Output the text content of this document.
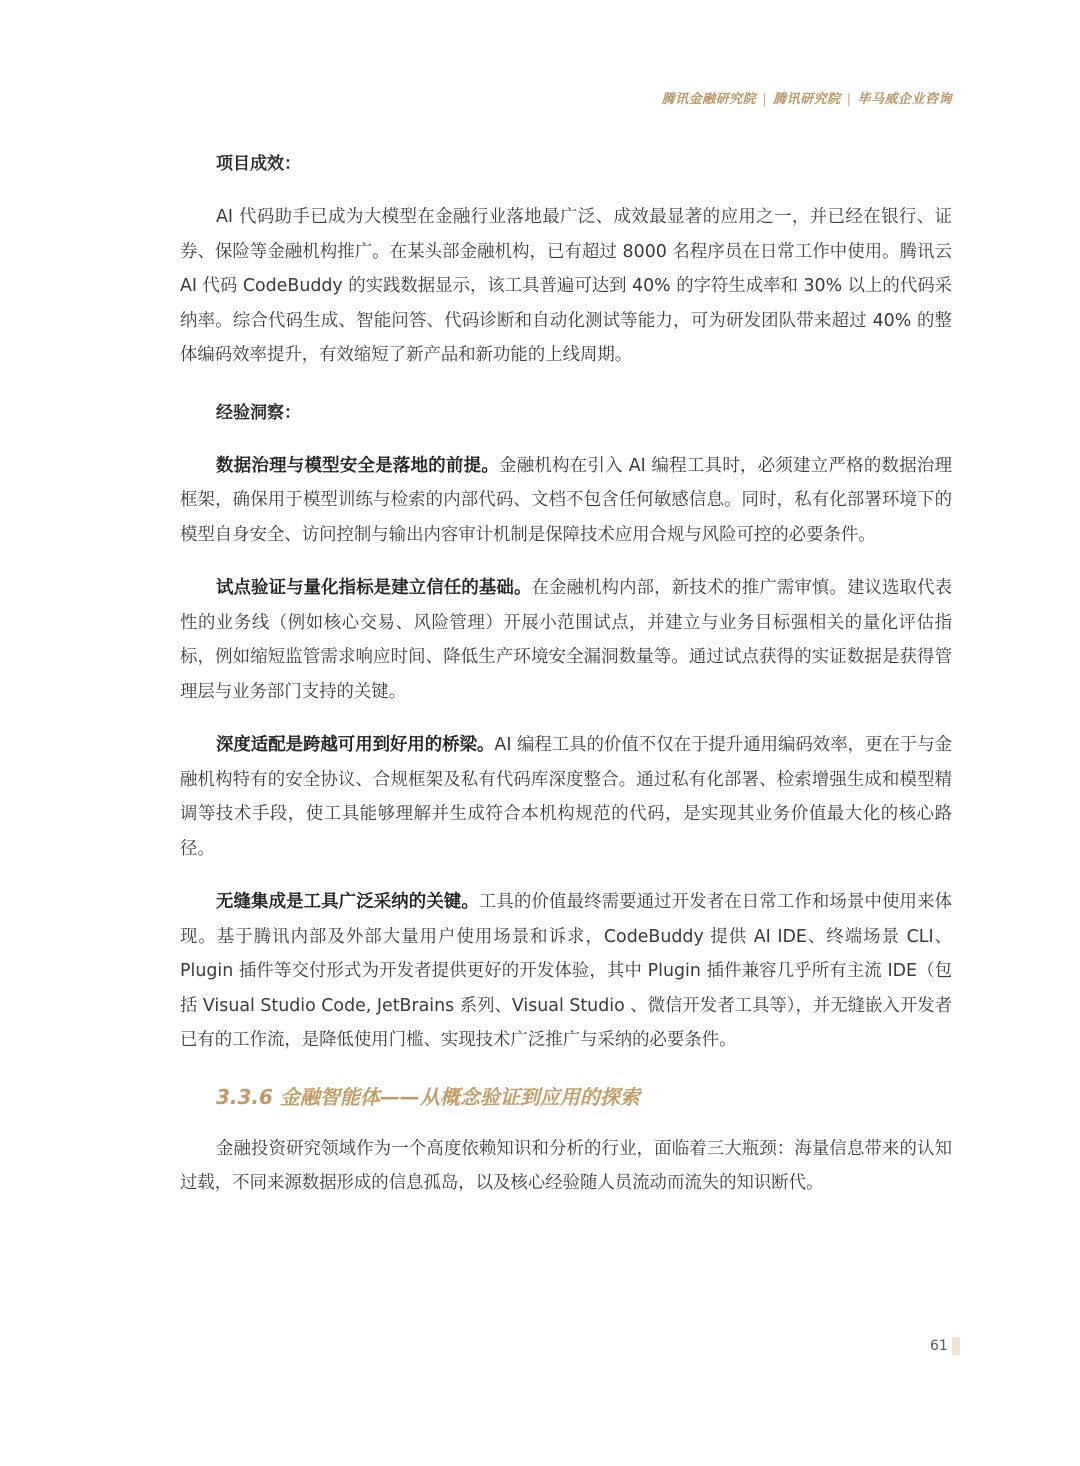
腾讯金融研究院 | 腾讯研究院 | 毕马威企业咨询
项目成效：

AI 代码助手已成为大模型在金融行业落地最广泛、成效最显著的应用之一，并已经在银行、证券、保险等金融机构推广。在某头部金融机构，已有超过 8000 名程序员在日常工作中使用。腾讯云 AI 代码 CodeBuddy 的实践数据显示，该工具普遍可达到 40% 的字符生成率和 30% 以上的代码采纳率。综合代码生成、智能问答、代码诊断和自动化测试等能力，可为研发团队带来超过 40% 的整体编码效率提升，有效缩短了新产品和新功能的上线周期。

经验洞察：

数据治理与模型安全是落地的前提。金融机构在引入 AI 编程工具时，必须建立严格的数据治理框架，确保用于模型训练与检索的内部代码、文档不包含任何敏感信息。同时，私有化部署环境下的模型自身安全、访问控制与输出内容审计机制是保障技术应用合规与风险可控的必要条件。

试点验证与量化指标是建立信任的基础。在金融机构内部，新技术的推广需审慎。建议选取代表性的业务线（例如核心交易、风险管理）开展小范围试点，并建立与业务目标强相关的量化评估指标，例如缩短监管需求响应时间、降低生产环境安全漏洞数量等。通过试点获得的实证数据是获得管理层与业务部门支持的关键。

深度适配是跨越可用到好用的桥梁。AI 编程工具的价值不仅在于提升通用编码效率，更在于与金融机构特有的安全协议、合规框架及私有代码库深度整合。通过私有化部署、检索增强生成和模型精调等技术手段，使工具能够理解并生成符合本机构规范的代码，是实现其业务价值最大化的核心路径。

无缝集成是工具广泛采纳的关键。工具的价值最终需要通过开发者在日常工作和场景中使用来体现。基于腾讯内部及外部大量用户使用场景和诉求，CodeBuddy 提供 AI IDE、终端场景 CLI、Plugin 插件等交付形式为开发者提供更好的开发体验，其中 Plugin 插件兼容几乎所有主流 IDE（包括 Visual Studio Code, JetBrains 系列、Visual Studio 、微信开发者工具等），并无缝嵌入开发者已有的工作流，是降低使用门槛、实现技术广泛推广与采纳的必要条件。

3.3.6 金融智能体——从概念验证到应用的探索

金融投资研究领域作为一个高度依赖知识和分析的行业，面临着三大瓶颈：海量信息带来的认知过载，不同来源数据形成的信息孤岛，以及核心经验随人员流动而流失的知识断代。

61
